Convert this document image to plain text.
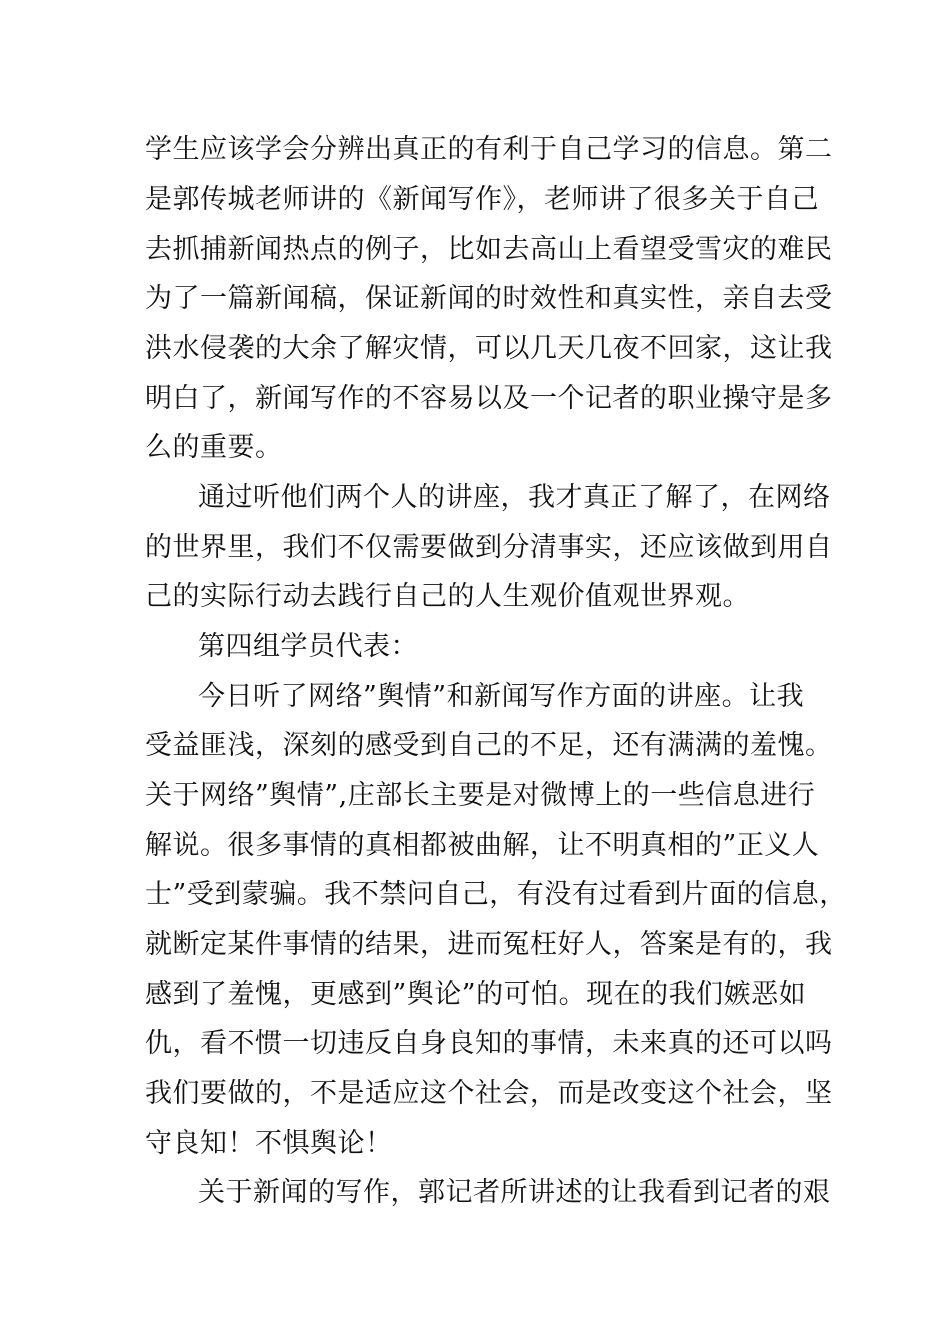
学生应该学会分辨出真正的有利于自己学习的信息。第二
是郭传城老师讲的《新闻写作》，老师讲了很多关于自己
去抓捕新闻热点的例子，比如去高山上看望受雪灾的难民
为了一篇新闻稿，保证新闻的时效性和真实性，亲自去受
洪水侵袭的大余了解灾情，可以几天几夜不回家，这让我
明白了，新闻写作的不容易以及一个记者的职业操守是多
么的重要。
通过听他们两个人的讲座，我才真正了解了，在网络
的世界里，我们不仅需要做到分清事实，还应该做到用自
己的实际行动去践行自己的人生观价值观世界观。
第四组学员代表：
今日听了网络”舆情”和新闻写作方面的讲座。让我
受益匪浅，深刻的感受到自己的不足，还有满满的羞愧。
关于网络”舆情”,庄部长主要是对微博上的一些信息进行
解说。很多事情的真相都被曲解，让不明真相的”正义人
士”受到蒙骗。我不禁问自己，有没有过看到片面的信息，
就断定某件事情的结果，进而冤枉好人，答案是有的，我
感到了羞愧，更感到”舆论”的可怕。现在的我们嫉恶如
仇，看不惯一切违反自身良知的事情，未来真的还可以吗
我们要做的，不是适应这个社会，而是改变这个社会，坚
守良知！不惧舆论！
关于新闻的写作，郭记者所讲述的让我看到记者的艰
